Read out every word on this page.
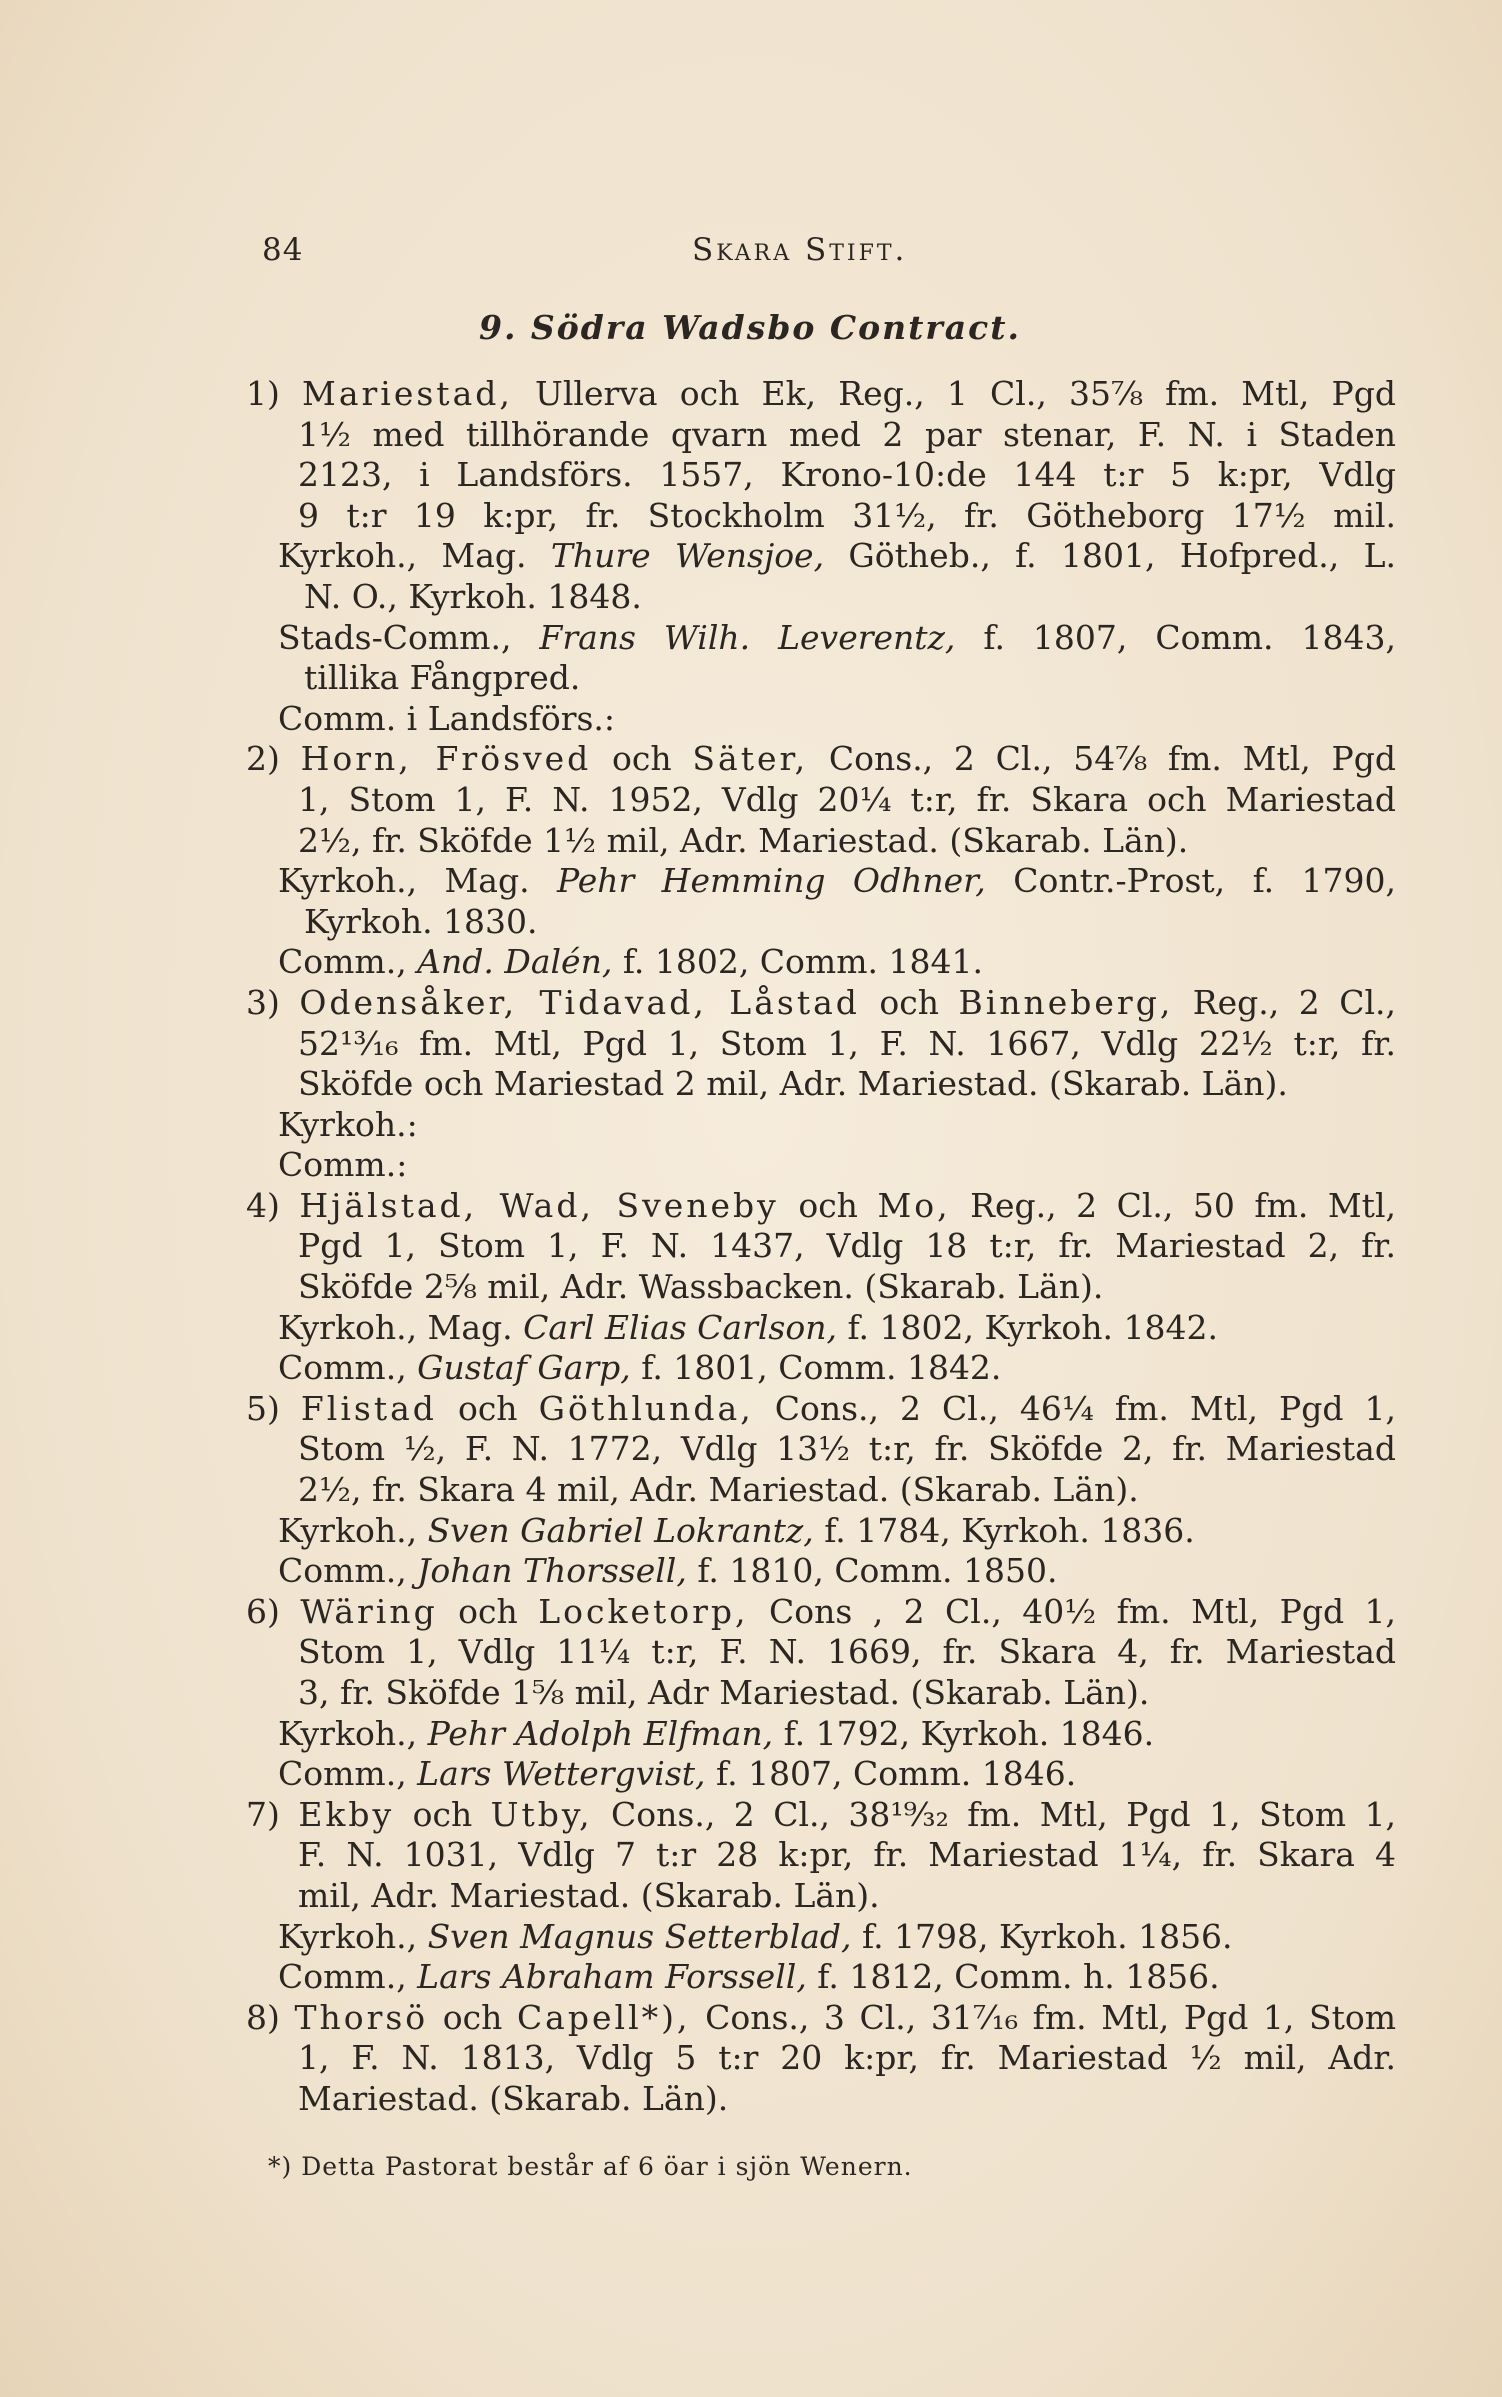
84	Skara Stift.
9. Södra Wadsbo Contract.
1) Mariestad, Ullerva och Ek, Reg., 1 Cl., 35⅞ fm. Mtl, Pgd
1½ med tillhörande qvarn med 2 par stenar, F. N. i Staden
2123, i Landsförs. 1557, Krono-10:de 144 t:r 5 k:pr, Vdlg
9 t:r 19 k:pr, fr. Stockholm 31½, fr. Götheborg 17½ mil.
Kyrkoh., Mag. Thure Wensjoe, Götheb., f. 1801, Hofpred., L.
N. O., Kyrkoh. 1848.
Stads-Comm., Frans Wilh. Leverentz, f. 1807, Comm. 1843,
tillika Fångpred.
Comm. i Landsförs.:
2) Horn, Frösved och Säter, Cons., 2 Cl., 54⅞ fm. Mtl, Pgd
1, Stom 1, F. N. 1952, Vdlg 20¼ t:r, fr. Skara och Mariestad
2½, fr. Sköfde 1½ mil, Adr. Mariestad. (Skarab. Län).
Kyrkoh., Mag. Pehr Hemming Odhner, Contr.-Prost, f. 1790,
Kyrkoh. 1830.
Comm., And. Dalén, f. 1802, Comm. 1841.
3) Odensåker, Tidavad, Låstad och Binneberg, Reg., 2 Cl.,
52¹³⁄₁₆ fm. Mtl, Pgd 1, Stom 1, F. N. 1667, Vdlg 22½ t:r, fr.
Sköfde och Mariestad 2 mil, Adr. Mariestad. (Skarab. Län).
Kyrkoh.:
Comm.:
4) Hjälstad, Wad, Sveneby och Mo, Reg., 2 Cl., 50 fm. Mtl,
Pgd 1, Stom 1, F. N. 1437, Vdlg 18 t:r, fr. Mariestad 2, fr.
Sköfde 2⅝ mil, Adr. Wassbacken. (Skarab. Län).
Kyrkoh., Mag. Carl Elias Carlson, f. 1802, Kyrkoh. 1842.
Comm., Gustaf Garp, f. 1801, Comm. 1842.
5) Flistad och Göthlunda, Cons., 2 Cl., 46¼ fm. Mtl, Pgd 1,
Stom ½, F. N. 1772, Vdlg 13½ t:r, fr. Sköfde 2, fr. Mariestad
2½, fr. Skara 4 mil, Adr. Mariestad. (Skarab. Län).
Kyrkoh., Sven Gabriel Lokrantz, f. 1784, Kyrkoh. 1836.
Comm., Johan Thorssell, f. 1810, Comm. 1850.
6) Wäring och Locketorp, Cons , 2 Cl., 40½ fm. Mtl, Pgd 1,
Stom 1, Vdlg 11¼ t:r, F. N. 1669, fr. Skara 4, fr. Mariestad
3, fr. Sköfde 1⅝ mil, Adr Mariestad. (Skarab. Län).
Kyrkoh., Pehr Adolph Elfman, f. 1792, Kyrkoh. 1846.
Comm., Lars Wettergvist, f. 1807, Comm. 1846.
7) Ekby och Utby, Cons., 2 Cl., 38¹⁹⁄₃₂ fm. Mtl, Pgd 1, Stom 1,
F. N. 1031, Vdlg 7 t:r 28 k:pr, fr. Mariestad 1¼, fr. Skara 4
mil, Adr. Mariestad. (Skarab. Län).
Kyrkoh., Sven Magnus Setterblad, f. 1798, Kyrkoh. 1856.
Comm., Lars Abraham Forssell, f. 1812, Comm. h. 1856.
8) Thorsö och Capell*), Cons., 3 Cl., 31⁷⁄₁₆ fm. Mtl, Pgd 1, Stom
1, F. N. 1813, Vdlg 5 t:r 20 k:pr, fr. Mariestad ½ mil, Adr.
Mariestad. (Skarab. Län).
*) Detta Pastorat består af 6 öar i sjön Wenern.
